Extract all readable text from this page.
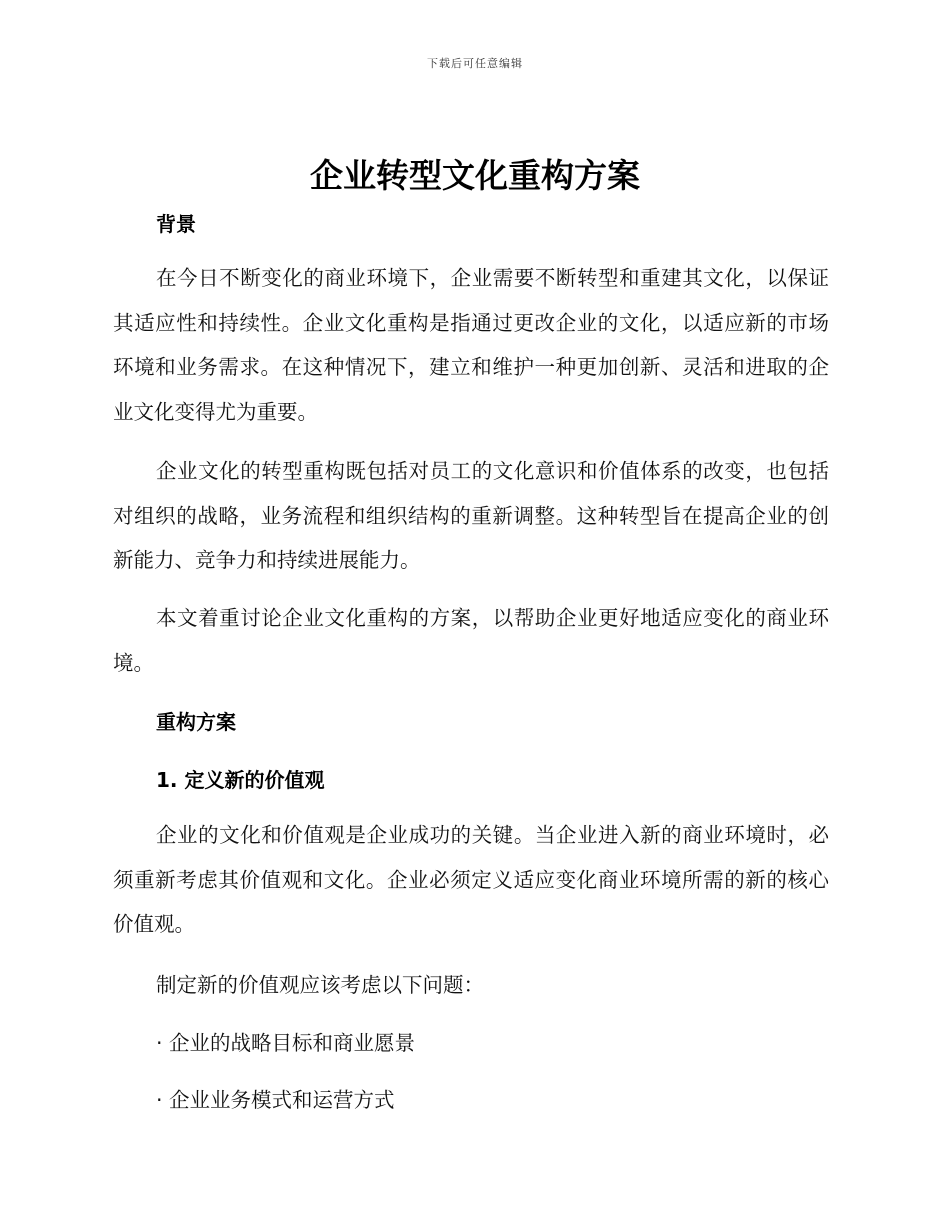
下载后可任意编辑
企业转型文化重构方案
背景
在今日不断变化的商业环境下，企业需要不断转型和重建其文化，以保证其适应性和持续性。企业文化重构是指通过更改企业的文化，以适应新的市场环境和业务需求。在这种情况下，建立和维护一种更加创新、灵活和进取的企业文化变得尤为重要。
企业文化的转型重构既包括对员工的文化意识和价值体系的改变，也包括对组织的战略，业务流程和组织结构的重新调整。这种转型旨在提高企业的创新能力、竞争力和持续进展能力。
本文着重讨论企业文化重构的方案，以帮助企业更好地适应变化的商业环境。
重构方案
1. 定义新的价值观
企业的文化和价值观是企业成功的关键。当企业进入新的商业环境时，必须重新考虑其价值观和文化。企业必须定义适应变化商业环境所需的新的核心价值观。
制定新的价值观应该考虑以下问题：
· 企业的战略目标和商业愿景
· 企业业务模式和运营方式
